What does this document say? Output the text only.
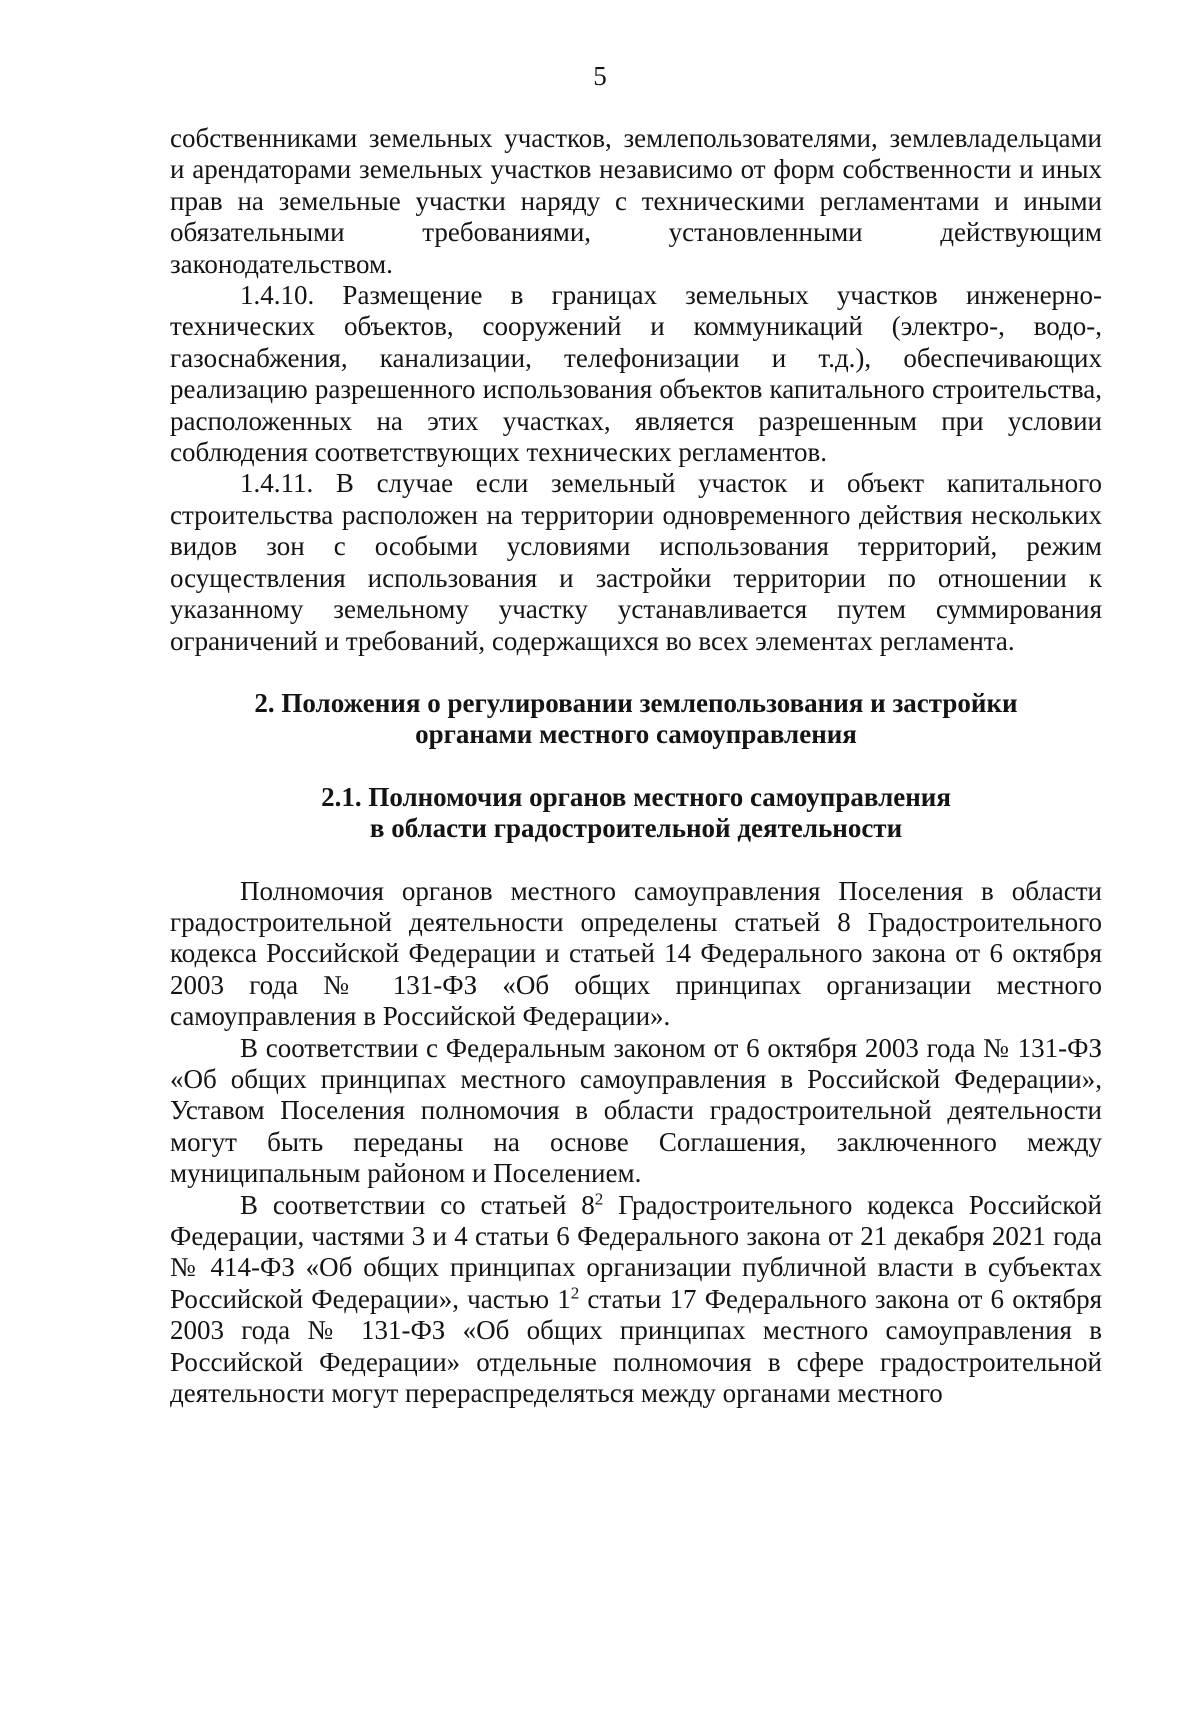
5

собственниками земельных участков, землепользователями, землевладельцами и арендаторами земельных участков независимо от форм собственности и иных прав на земельные участки наряду с техническими регламентами и иными обязательными требованиями, установленными действующим законодательством.

1.4.10. Размещение в границах земельных участков инженерно-технических объектов, сооружений и коммуникаций (электро-, водо-, газоснабжения, канализации, телефонизации и т.д.), обеспечивающих реализацию разрешенного использования объектов капитального строительства, расположенных на этих участках, является разрешенным при условии соблюдения соответствующих технических регламентов.

1.4.11. В случае если земельный участок и объект капитального строительства расположен на территории одновременного действия нескольких видов зон с особыми условиями использования территорий, режим осуществления использования и застройки территории по отношении к указанному земельному участку устанавливается путем суммирования ограничений и требований, содержащихся во всех элементах регламента.

2. Положения о регулировании землепользования и застройки
органами местного самоуправления
2.1. Полномочия органов местного самоуправления
в области градостроительной деятельности

Полномочия органов местного самоуправления Поселения в области градостроительной деятельности определены статьей 8 Градостроительного кодекса Российской Федерации и статьей 14 Федерального закона от 6 октября 2003 года № 131-ФЗ «Об общих принципах организации местного самоуправления в Российской Федерации».

В соответствии с Федеральным законом от 6 октября 2003 года № 131-ФЗ «Об общих принципах местного самоуправления в Российской Федерации», Уставом Поселения полномочия в области градостроительной деятельности могут быть переданы на основе Соглашения, заключенного между муниципальным районом и Поселением.

В соответствии со статьей $8^2$ Градостроительного кодекса Российской Федерации, частями 3 и 4 статьи 6 Федерального закона от 21 декабря 2021 года № 414-ФЗ «Об общих принципах организации публичной власти в субъектах Российской Федерации», частью $1^2$ статьи 17 Федерального закона от 6 октября 2003 года № 131-ФЗ «Об общих принципах местного самоуправления в Российской Федерации» отдельные полномочия в сфере градостроительной деятельности могут перераспределяться между органами местного
